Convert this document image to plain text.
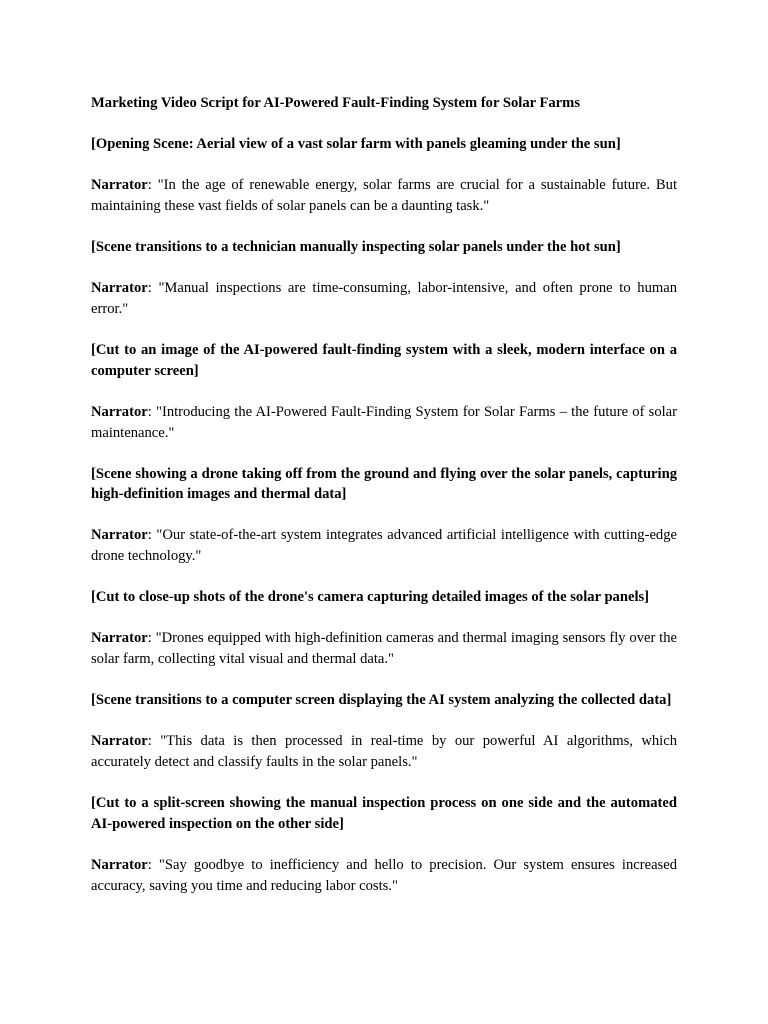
Marketing Video Script for AI-Powered Fault-Finding System for Solar Farms

[Opening Scene: Aerial view of a vast solar farm with panels gleaming under the sun]

Narrator: "In the age of renewable energy, solar farms are crucial for a sustainable future. But maintaining these vast fields of solar panels can be a daunting task."

[Scene transitions to a technician manually inspecting solar panels under the hot sun]

Narrator: "Manual inspections are time-consuming, labor-intensive, and often prone to human error."

[Cut to an image of the AI-powered fault-finding system with a sleek, modern interface on a computer screen]

Narrator: "Introducing the AI-Powered Fault-Finding System for Solar Farms – the future of solar maintenance."

[Scene showing a drone taking off from the ground and flying over the solar panels, capturing high-definition images and thermal data]

Narrator: "Our state-of-the-art system integrates advanced artificial intelligence with cutting-edge drone technology."

[Cut to close-up shots of the drone's camera capturing detailed images of the solar panels]

Narrator: "Drones equipped with high-definition cameras and thermal imaging sensors fly over the solar farm, collecting vital visual and thermal data."

[Scene transitions to a computer screen displaying the AI system analyzing the collected data]

Narrator: "This data is then processed in real-time by our powerful AI algorithms, which accurately detect and classify faults in the solar panels."

[Cut to a split-screen showing the manual inspection process on one side and the automated AI-powered inspection on the other side]

Narrator: "Say goodbye to inefficiency and hello to precision. Our system ensures increased accuracy, saving you time and reducing labor costs."
